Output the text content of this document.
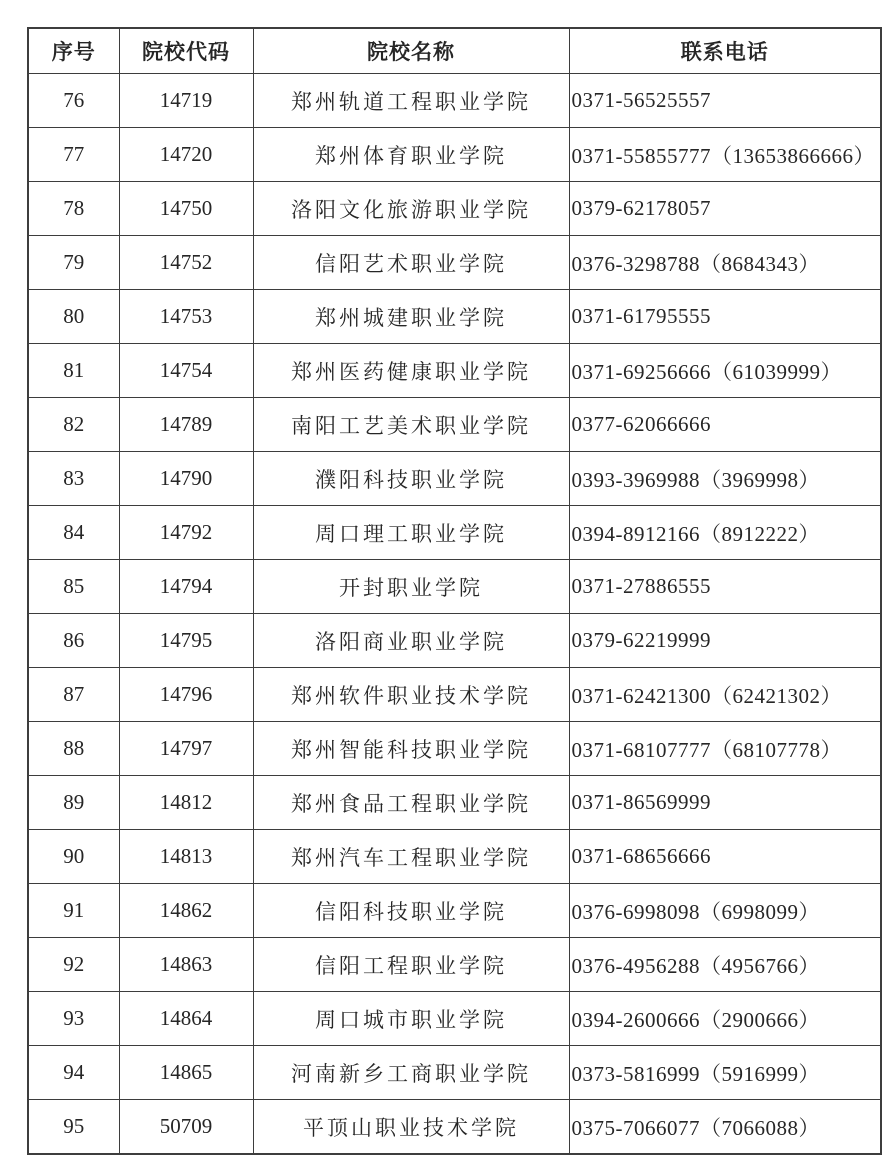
序号	院校代码	院校名称	联系电话
76	14719	郑州轨道工程职业学院	0371-56525557
77	14720	郑州体育职业学院	0371-55855777（13653866666）
78	14750	洛阳文化旅游职业学院	0379-62178057
79	14752	信阳艺术职业学院	0376-3298788（8684343）
80	14753	郑州城建职业学院	0371-61795555
81	14754	郑州医药健康职业学院	0371-69256666（61039999）
82	14789	南阳工艺美术职业学院	0377-62066666
83	14790	濮阳科技职业学院	0393-3969988（3969998）
84	14792	周口理工职业学院	0394-8912166（8912222）
85	14794	开封职业学院	0371-27886555
86	14795	洛阳商业职业学院	0379-62219999
87	14796	郑州软件职业技术学院	0371-62421300（62421302）
88	14797	郑州智能科技职业学院	0371-68107777（68107778）
89	14812	郑州食品工程职业学院	0371-86569999
90	14813	郑州汽车工程职业学院	0371-68656666
91	14862	信阳科技职业学院	0376-6998098（6998099）
92	14863	信阳工程职业学院	0376-4956288（4956766）
93	14864	周口城市职业学院	0394-2600666（2900666）
94	14865	河南新乡工商职业学院	0373-5816999（5916999）
95	50709	平顶山职业技术学院	0375-7066077（7066088）
